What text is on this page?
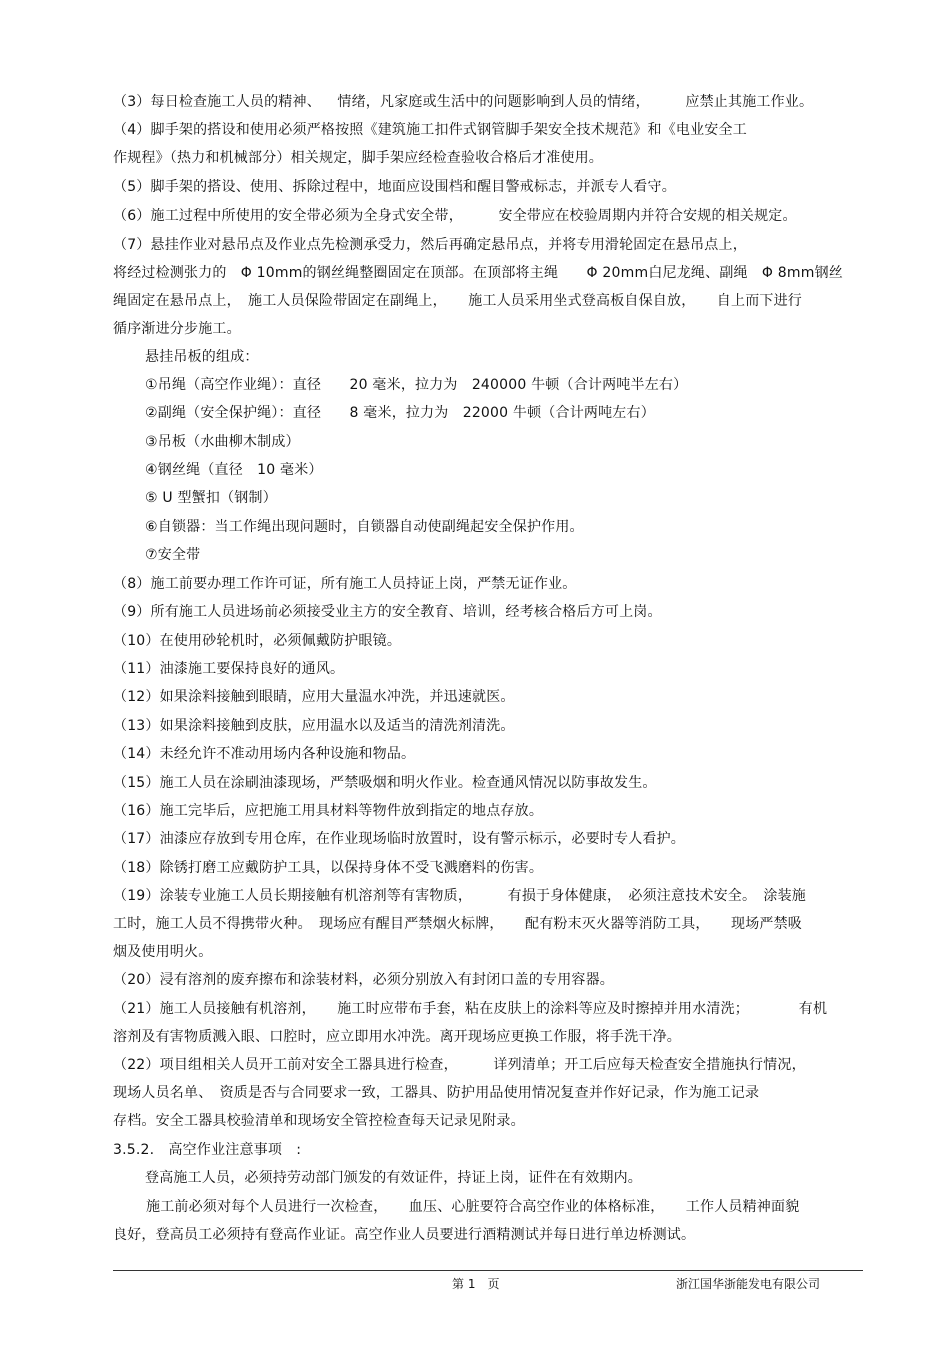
（3）每日检查施工人员的精神、　  情绪，凡家庭或生活中的问题影响到人员的情绪，　　　应禁止其施工作业。
（4）脚手架的搭设和使用必须严格按照《建筑施工扣件式钢管脚手架安全技术规范》和《电业安全工
作规程》（热力和机械部分）相关规定，脚手架应经检查验收合格后才准使用。
（5）脚手架的搭设、使用、拆除过程中，地面应设围档和醒目警戒标志，并派专人看守。
（6）施工过程中所使用的安全带必须为全身式安全带，　　　安全带应在校验周期内并符合安规的相关规定。
（7）悬挂作业对悬吊点及作业点先检测承受力，然后再确定悬吊点，并将专用滑轮固定在悬吊点上，
将经过检测张力的　Φ 10mm的钢丝绳整圈固定在顶部。在顶部将主绳　　Φ 20mm白尼龙绳、副绳　Φ 8mm钢丝
绳固定在悬吊点上，　施工人员保险带固定在副绳上，　　施工人员采用坐式登高板自保自放，　　自上而下进行
循序渐进分步施工。
悬挂吊板的组成：
①吊绳（高空作业绳）：直径　　20 毫米，拉力为　240000 牛顿（合计两吨半左右）
②副绳（安全保护绳）：直径　　8 毫米，拉力为　22000 牛顿（合计两吨左右）
③吊板（水曲柳木制成）
④钢丝绳（直径　10 毫米）
⑤ U 型蟹扣（钢制）
⑥自锁器：当工作绳出现问题时，自锁器自动使副绳起安全保护作用。
⑦安全带
（8）施工前要办理工作许可证，所有施工人员持证上岗，严禁无证作业。
（9）所有施工人员进场前必须接受业主方的安全教育、培训，经考核合格后方可上岗。
（10）在使用砂轮机时，必须佩戴防护眼镜。
（11）油漆施工要保持良好的通风。
（12）如果涂料接触到眼睛，应用大量温水冲洗，并迅速就医。
（13）如果涂料接触到皮肤，应用温水以及适当的清洗剂清洗。
（14）未经允许不准动用场内各种设施和物品。
（15）施工人员在涂刷油漆现场，严禁吸烟和明火作业。检查通风情况以防事故发生。
（16）施工完毕后，应把施工用具材料等物件放到指定的地点存放。
（17）油漆应存放到专用仓库，在作业现场临时放置时，设有警示标示，必要时专人看护。
（18）除锈打磨工应戴防护工具，以保持身体不受飞溅磨料的伤害。
（19）涂装专业施工人员长期接触有机溶剂等有害物质，　　　有损于身体健康，　必须注意技术安全。　涂装施
工时，施工人员不得携带火种。　现场应有醒目严禁烟火标牌，　　配有粉末灭火器等消防工具，　　现场严禁吸
烟及使用明火。
（20）浸有溶剂的废弃擦布和涂装材料，必须分别放入有封闭口盖的专用容器。
（21）施工人员接触有机溶剂，　　施工时应带布手套，粘在皮肤上的涂料等应及时擦掉并用水清洗；　　　　有机
溶剂及有害物质溅入眼、口腔时，应立即用水冲洗。离开现场应更换工作服，将手洗干净。
（22）项目组相关人员开工前对安全工器具进行检查，　　　详列清单；开工后应每天检查安全措施执行情况，
现场人员名单、　资质是否与合同要求一致，工器具、防护用品使用情况复查并作好记录，作为施工记录
存档。安全工器具校验清单和现场安全管控检查每天记录见附录。
3.5.2.　高空作业注意事项　:
登高施工人员，必须持劳动部门颁发的有效证件，持证上岗，证件在有效期内。
施工前必须对每个人员进行一次检查，　　血压、心脏要符合高空作业的体格标准，　　工作人员精神面貌
良好，登高员工必须持有登高作业证。高空作业人员要进行酒精测试并每日进行单边桥测试。
第 1　页	浙江国华浙能发电有限公司
